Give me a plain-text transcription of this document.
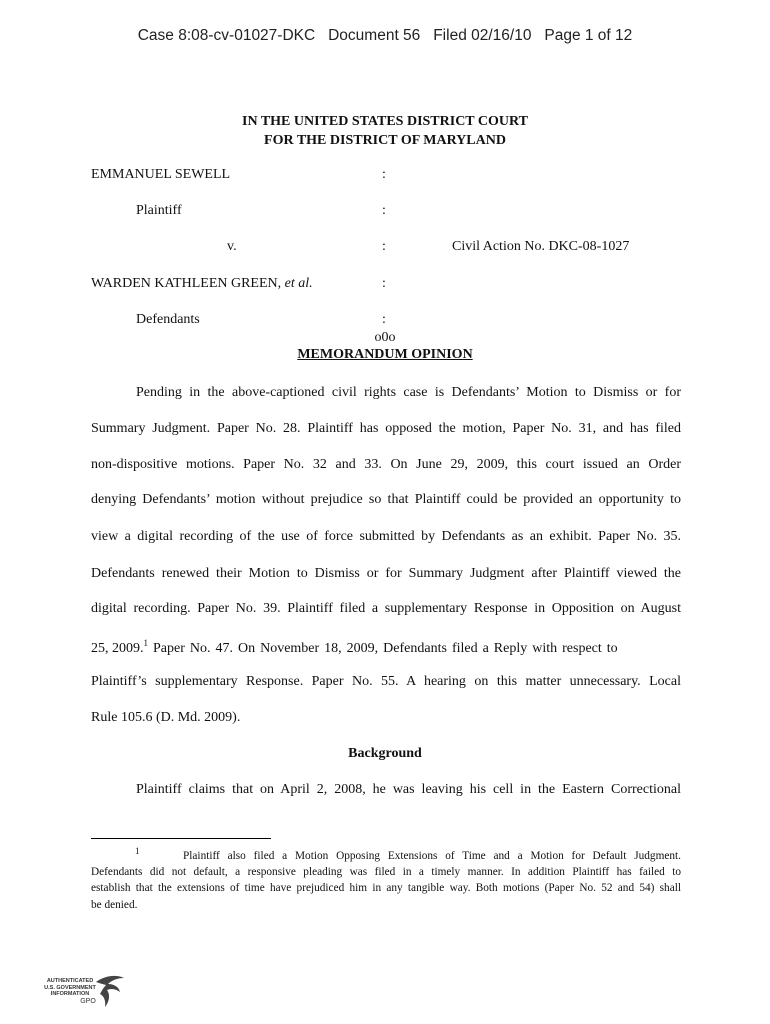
Case 8:08-cv-01027-DKC   Document 56   Filed 02/16/10   Page 1 of 12
IN THE UNITED STATES DISTRICT COURT
FOR THE DISTRICT OF MARYLAND
EMMANUEL SEWELL	:
Plaintiff	:
v.	:	Civil Action No. DKC-08-1027
WARDEN KATHLEEN GREEN, et al.	:
Defendants	:
o0o
MEMORANDUM OPINION
Pending in the above-captioned civil rights case is Defendants’ Motion to Dismiss or for
Summary Judgment. Paper No. 28. Plaintiff has opposed the motion, Paper No. 31, and has filed
non-dispositive motions. Paper No. 32 and 33. On June 29, 2009, this court issued an Order
denying Defendants’ motion without prejudice so that Plaintiff could be provided an opportunity to
view a digital recording of the use of force submitted by Defendants as an exhibit. Paper No. 35.
Defendants renewed their Motion to Dismiss or for Summary Judgment after Plaintiff viewed the
digital recording. Paper No. 39. Plaintiff filed a supplementary Response in Opposition on August
25, 2009.$^1$ Paper No. 47. On November 18, 2009, Defendants filed a Reply with respect to
Plaintiff’s supplementary Response. Paper No. 55. A hearing on this matter unnecessary. Local
Rule 105.6 (D. Md. 2009).
Background
Plaintiff claims that on April 2, 2008, he was leaving his cell in the Eastern Correctional
1	Plaintiff also filed a Motion Opposing Extensions of Time and a Motion for Default Judgment.
Defendants did not default, a responsive pleading was filed in a timely manner. In addition Plaintiff has failed to
establish that the extensions of time have prejudiced him in any tangible way. Both motions (Paper No. 52 and 54) shall
be denied.
AUTHENTICATED
U.S. GOVERNMENT
INFORMATION
GPO
